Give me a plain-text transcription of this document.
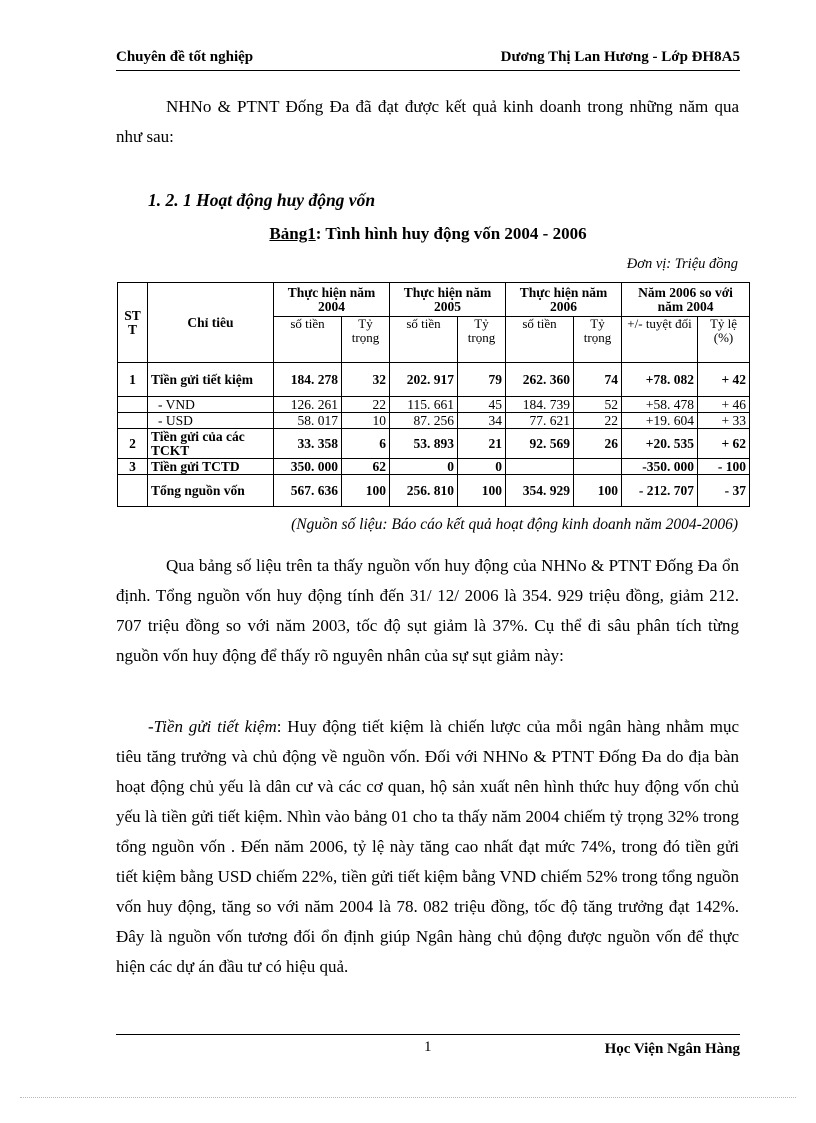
Chuyên đề tốt nghiệp	Dương Thị Lan Hương - Lớp ĐH8A5
NHNo & PTNT Đống Đa đã đạt được kết quả kinh doanh trong những năm qua như sau:
1. 2. 1 Hoạt động huy động vốn
Bảng1: Tình hình huy động vốn 2004 - 2006
Đơn vị: Triệu đồng
ST T	Chỉ tiêu	Thực hiện năm 2004		Thực hiện năm 2005		Thực hiện năm 2006		Năm 2006 so với năm 2004	
		số tiền	Tỷ trọng	số tiền	Tỷ trọng	số tiền	Tỷ trọng	+/- tuyệt đối	Tỷ lệ (%)
1	Tiền gửi tiết kiệm	184. 278	32	202. 917	79	262. 360	74	+78. 082	+ 42
	- VND	126. 261	22	115. 661	45	184. 739	52	+58. 478	+ 46
	- USD	58. 017	10	87. 256	34	77. 621	22	+19. 604	+ 33
2	Tiền gửi của các TCKT	33. 358	6	53. 893	21	92. 569	26	+20. 535	+ 62
3	Tiền gửi TCTD	350. 000	62	0	0			-350. 000	- 100
	Tổng nguồn vốn	567. 636	100	256. 810	100	354. 929	100	- 212. 707	- 37
(Nguồn số liệu: Báo cáo kết quả hoạt động kinh doanh năm 2004-2006)
Qua bảng số liệu trên ta thấy nguồn vốn huy động của NHNo & PTNT Đống Đa ổn định. Tổng nguồn vốn huy động tính đến 31/ 12/ 2006 là 354. 929 triệu đồng, giảm 212. 707 triệu đồng so với năm 2003, tốc độ sụt giảm là 37%. Cụ thể đi sâu phân tích từng nguồn vốn huy động để thấy rõ nguyên nhân của sự sụt giảm này:
-Tiền gửi tiết kiệm: Huy động tiết kiệm là chiến lược của mỗi ngân hàng nhằm mục tiêu tăng trưởng và chủ động về nguồn vốn. Đối với NHNo & PTNT Đống Đa do địa bàn hoạt động chủ yếu là dân cư và các cơ quan, hộ sản xuất nên hình thức huy động vốn chủ yếu là tiền gửi tiết kiệm. Nhìn vào bảng 01 cho ta thấy năm 2004 chiếm tỷ trọng 32% trong tổng nguồn vốn . Đến năm 2006, tỷ lệ này tăng cao nhất đạt mức 74%, trong đó tiền gửi tiết kiệm bằng USD chiếm 22%, tiền gửi tiết kiệm bằng VND chiếm 52% trong tổng nguồn vốn huy động, tăng so với năm 2004 là 78. 082 triệu đồng, tốc độ tăng trưởng đạt 142%. Đây là nguồn vốn tương đối ổn định giúp Ngân hàng chủ động được nguồn vốn để thực hiện các dự án đầu tư có hiệu quả.
1	Học Viện Ngân Hàng
